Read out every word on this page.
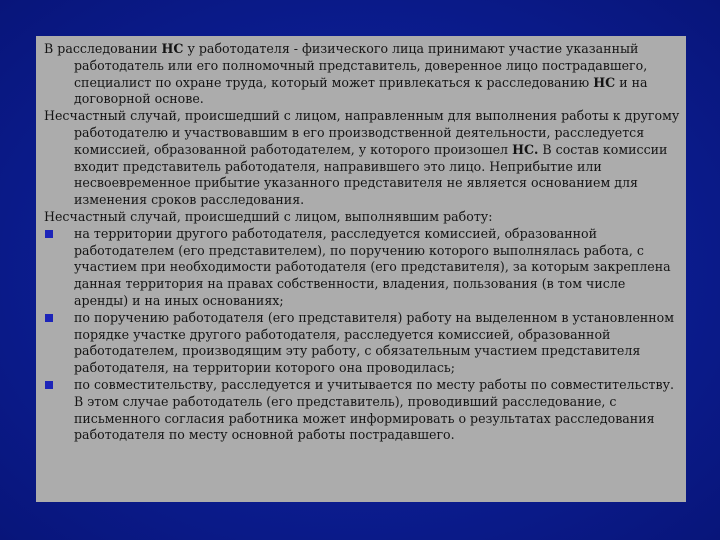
В расследовании НС у работодателя - физического лица принимают участие указанный работодатель или его полномочный представитель, доверенное лицо пострадавшего, специалист по охране труда, который может привлекаться к расследованию НС и на договорной основе.

Несчастный случай, происшедший с лицом, направленным для выполнения работы к другому работодателю и участвовавшим в его производственной деятельности, расследуется комиссией, образованной работодателем, у которого произошел НС. В состав комиссии входит представитель работодателя, направившего это лицо. Неприбытие или несвоевременное прибытие указанного представителя не является основанием для изменения сроков расследования.

Несчастный случай, происшедший с лицом, выполнявшим работу:

на территории другого работодателя, расследуется комиссией, образованной работодателем (его представителем), по поручению которого выполнялась работа, с участием при необходимости работодателя (его представителя), за которым закреплена данная территория на правах собственности, владения, пользования (в том числе аренды) и на иных основаниях;

по поручению работодателя (его представителя) работу на выделенном в установленном порядке участке другого работодателя, расследуется комиссией, образованной работодателем, производящим эту работу, с обязательным участием представителя работодателя, на территории которого она проводилась;

по совместительству, расследуется и учитывается по месту работы по совместительству. В этом случае работодатель (его представитель), проводивший расследование, с письменного согласия работника может информировать о результатах расследования работодателя по месту основной работы пострадавшего.
